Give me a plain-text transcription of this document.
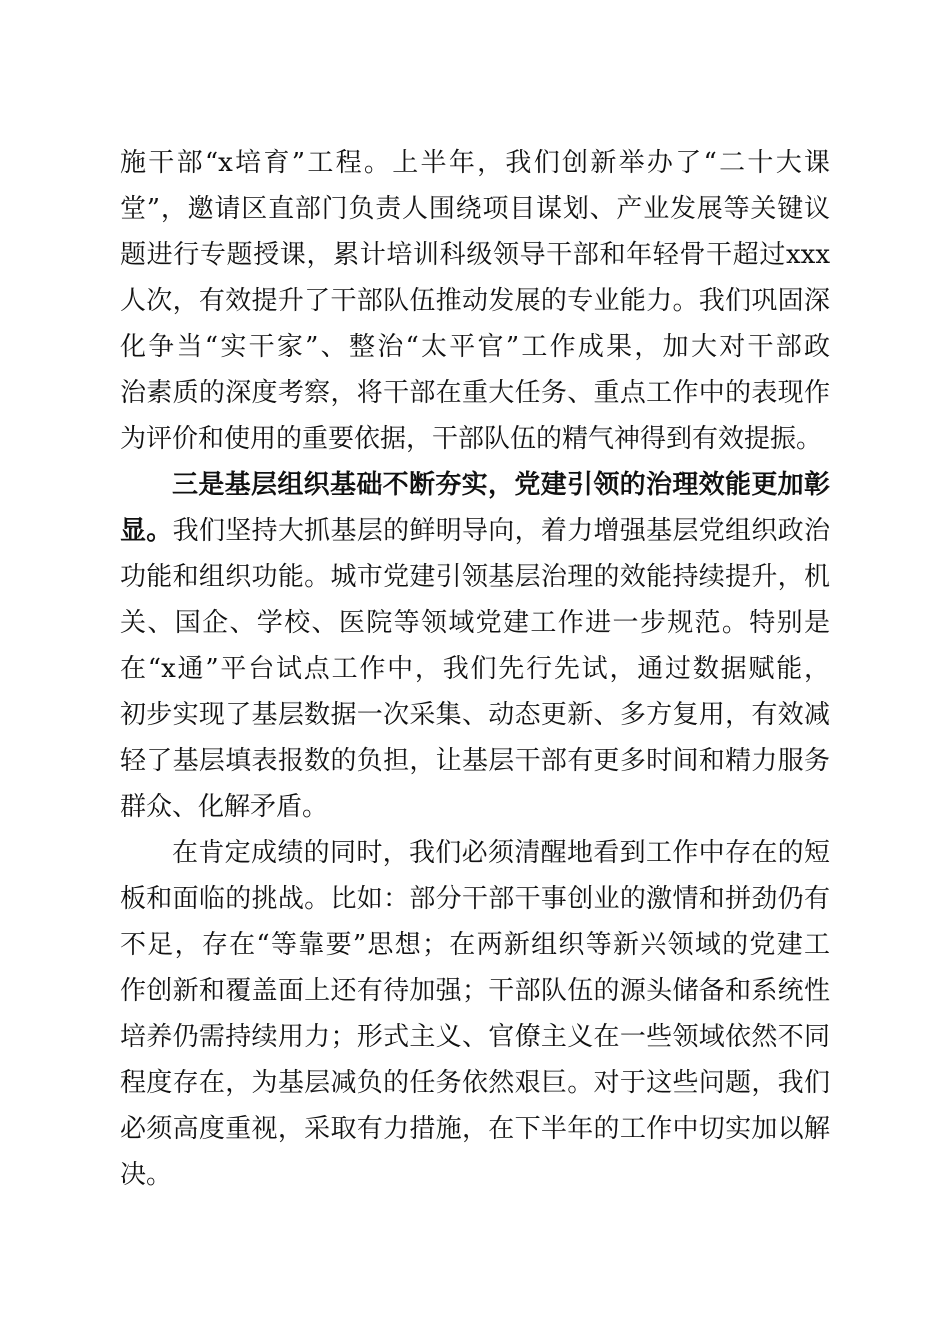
施干部“x培育”工程。上半年，我们创新举办了“二十大课
堂”，邀请区直部门负责人围绕项目谋划、产业发展等关键议
题进行专题授课，累计培训科级领导干部和年轻骨干超过xxx
人次，有效提升了干部队伍推动发展的专业能力。我们巩固深
化争当“实干家”、整治“太平官”工作成果，加大对干部政
治素质的深度考察，将干部在重大任务、重点工作中的表现作
为评价和使用的重要依据，干部队伍的精气神得到有效提振。
三是基层组织基础不断夯实，党建引领的治理效能更加彰
显。我们坚持大抓基层的鲜明导向，着力增强基层党组织政治
功能和组织功能。城市党建引领基层治理的效能持续提升，机
关、国企、学校、医院等领域党建工作进一步规范。特别是
在“x通”平台试点工作中，我们先行先试，通过数据赋能，
初步实现了基层数据一次采集、动态更新、多方复用，有效减
轻了基层填表报数的负担，让基层干部有更多时间和精力服务
群众、化解矛盾。
在肯定成绩的同时，我们必须清醒地看到工作中存在的短
板和面临的挑战。比如：部分干部干事创业的激情和拼劲仍有
不足，存在“等靠要”思想；在两新组织等新兴领域的党建工
作创新和覆盖面上还有待加强；干部队伍的源头储备和系统性
培养仍需持续用力；形式主义、官僚主义在一些领域依然不同
程度存在，为基层减负的任务依然艰巨。对于这些问题，我们
必须高度重视，采取有力措施，在下半年的工作中切实加以解
决。
